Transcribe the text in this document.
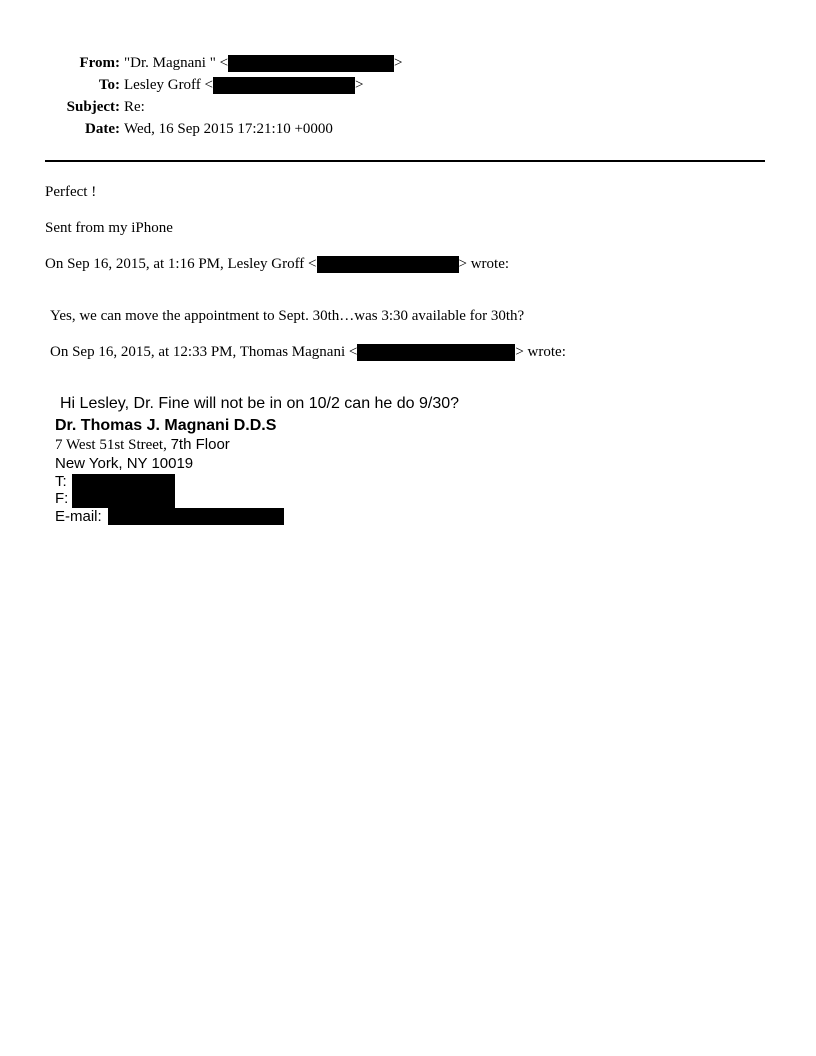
From: "Dr. Magnani " <	>
To: Lesley Groff <	>
Subject: Re:
Date: Wed, 16 Sep 2015 17:21:10 +0000
Perfect !
Sent from my iPhone
On Sep 16, 2015, at 1:16 PM, Lesley Groff <	> wrote:
Yes, we can move the appointment to Sept. 30th…was 3:30 available for 30th?
On Sep 16, 2015, at 12:33 PM, Thomas Magnani <	> wrote:
Hi Lesley, Dr. Fine will not be in on 10/2 can he do 9/30?
Dr. Thomas J. Magnani D.D.S
7 West 51st Street, 7th Floor
New York, NY 10019
T:
F:
E-mail:
